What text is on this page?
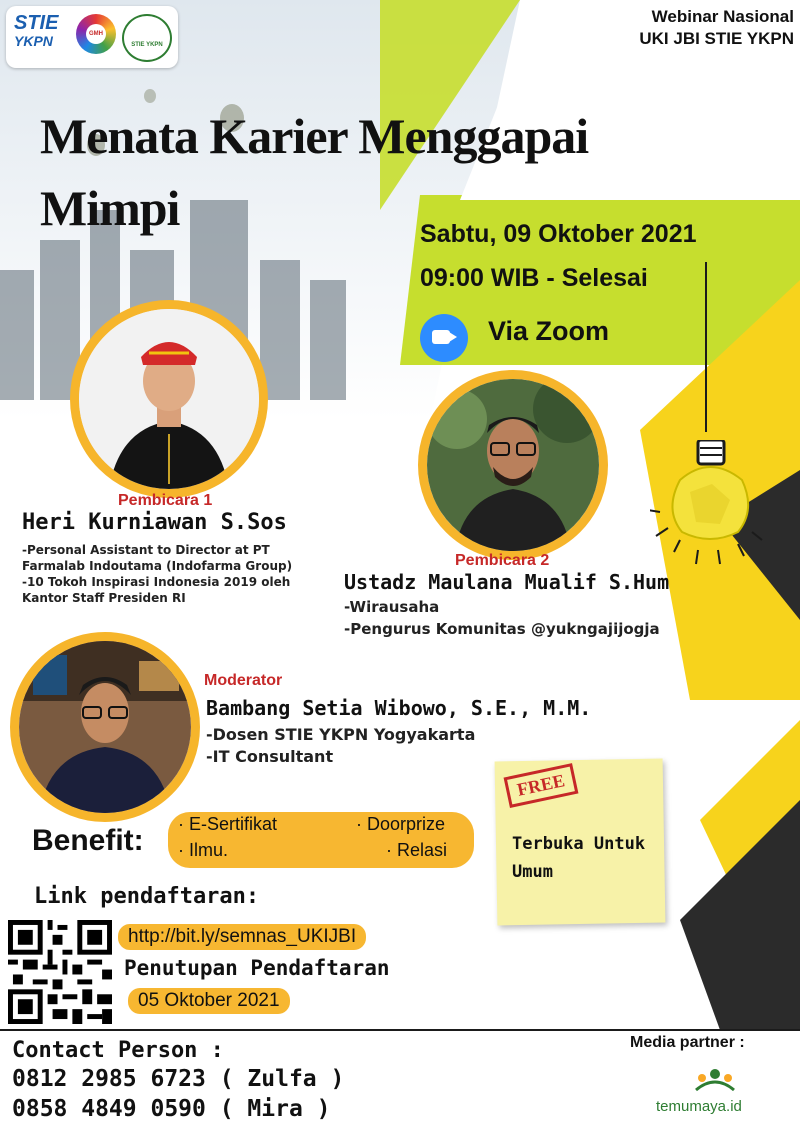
STIE
YKPN	GMH
STIE YKPN
Webinar Nasional
UKI JBI STIE YKPN
Menata Karier Menggapai
Mimpi	Sabtu, 09 Oktober 2021
09:00 WIB - Selesai
Via Zoom
Pembicara 1
Heri Kurniawan S.Sos
-Personal Assistant to Director at PT
Farmalab Indoutama (Indofarma Group)
-10 Tokoh Inspirasi Indonesia 2019 oleh
Kantor Staff Presiden RI
Pembicara 2
Ustadz Maulana Mualif S.Hum
-Wirausaha
-Pengurus Komunitas @yukngajijogja
Moderator
Bambang Setia Wibowo, S.E., M.M.
-Dosen STIE YKPN Yogyakarta
-IT Consultant
FREE
Terbuka Untuk
Umum
Benefit: · E-Sertifikat	· Doorprize
· Ilmu.	· Relasi
Link pendaftaran:
http://bit.ly/semnas_UKIJBI
Penutupan Pendaftaran
05 Oktober 2021
Contact Person :
0812 2985 6723 ( Zulfa )
0858 4849 0590 ( Mira )
Media partner :
temumaya.id
